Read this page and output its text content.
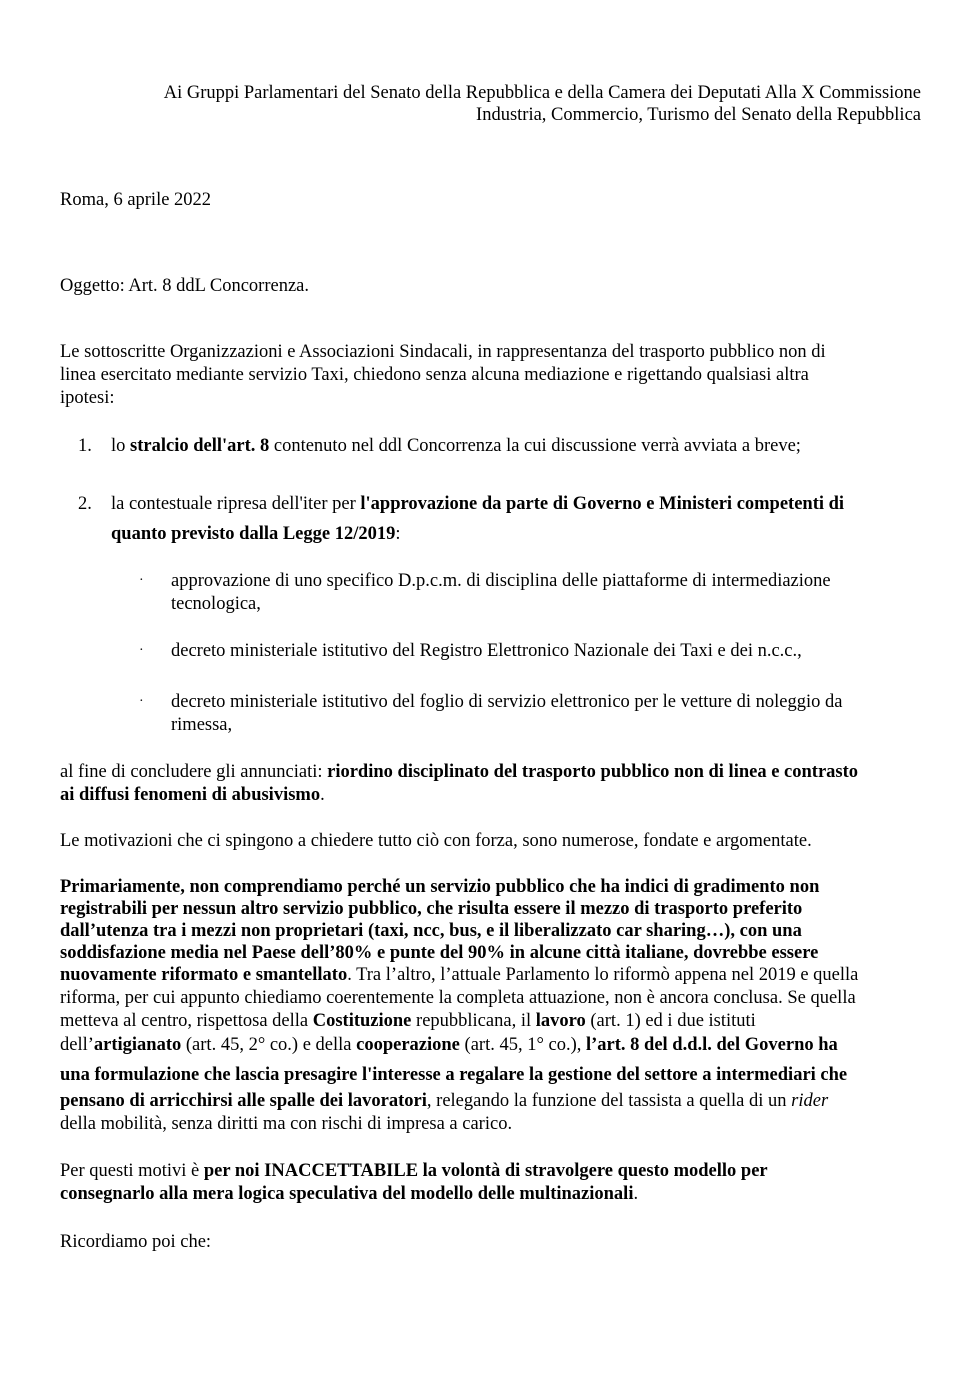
Ai Gruppi Parlamentari del Senato della Repubblica e della Camera dei Deputati Alla X Commissione

Industria, Commercio, Turismo del Senato della Repubblica

Roma, 6 aprile 2022

Oggetto: Art. 8 ddL Concorrenza.

Le sottoscritte Organizzazioni e Associazioni Sindacali, in rappresentanza del trasporto pubblico non di

linea esercitato mediante servizio Taxi, chiedono senza alcuna mediazione e rigettando qualsiasi altra

ipotesi:

1. lo stralcio dell'art. 8 contenuto nel ddl Concorrenza la cui discussione verrà avviata a breve;

2. la contestuale ripresa dell'iter per l'approvazione da parte di Governo e Ministeri competenti di

quanto previsto dalla Legge 12/2019:

· approvazione di uno specifico D.p.c.m. di disciplina delle piattaforme di intermediazione

tecnologica,

· decreto ministeriale istitutivo del Registro Elettronico Nazionale dei Taxi e dei n.c.c.,

· decreto ministeriale istitutivo del foglio di servizio elettronico per le vetture di noleggio da

rimessa,

al fine di concludere gli annunciati: riordino disciplinato del trasporto pubblico non di linea e contrasto

ai diffusi fenomeni di abusivismo.

Le motivazioni che ci spingono a chiedere tutto ciò con forza, sono numerose, fondate e argomentate.

Primariamente, non comprendiamo perché un servizio pubblico che ha indici di gradimento non

registrabili per nessun altro servizio pubblico, che risulta essere il mezzo di trasporto preferito

dall’utenza tra i mezzi non proprietari (taxi, ncc, bus, e il liberalizzato car sharing…), con una

soddisfazione media nel Paese dell’80% e punte del 90% in alcune città italiane, dovrebbe essere

nuovamente riformato e smantellato. Tra l’altro, l’attuale Parlamento lo riformò appena nel 2019 e quella

riforma, per cui appunto chiediamo coerentemente la completa attuazione, non è ancora conclusa. Se quella

metteva al centro, rispettosa della Costituzione repubblicana, il lavoro (art. 1) ed i due istituti

dell’artigianato (art. 45, 2° co.) e della cooperazione (art. 45, 1° co.), l’art. 8 del d.d.l. del Governo ha

una formulazione che lascia presagire l'interesse a regalare la gestione del settore a intermediari che

pensano di arricchirsi alle spalle dei lavoratori, relegando la funzione del tassista a quella di un rider

della mobilità, senza diritti ma con rischi di impresa a carico.

Per questi motivi è per noi INACCETTABILE la volontà di stravolgere questo modello per

consegnarlo alla mera logica speculativa del modello delle multinazionali.

Ricordiamo poi che:
